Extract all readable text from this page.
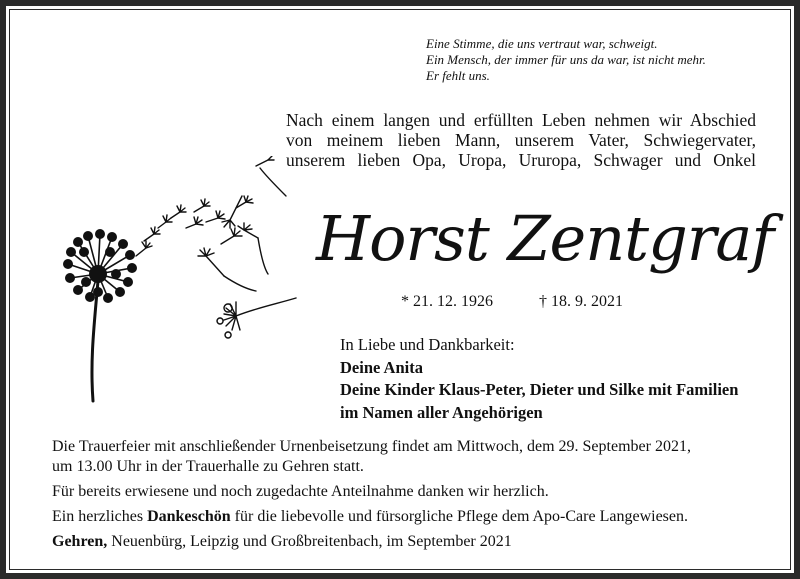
Eine Stimme, die uns vertraut war, schweigt.
Ein Mensch, der immer für uns da war, ist nicht mehr.
Er fehlt uns.
Nach einem langen und erfüllten Leben nehmen wir Abschied
von meinem lieben Mann, unserem Vater, Schwiegervater,
unserem lieben Opa, Uropa, Ururopa, Schwager und Onkel
Horst Zentgraf
* 21. 12. 1926	† 18. 9. 2021
In Liebe und Dankbarkeit:
Deine Anita
Deine Kinder Klaus-Peter, Dieter und Silke mit Familien
im Namen aller Angehörigen
Die Trauerfeier mit anschließender Urnenbeisetzung findet am Mittwoch, dem 29. September 2021,
um 13.00 Uhr in der Trauerhalle zu Gehren statt.
Für bereits erwiesene und noch zugedachte Anteilnahme danken wir herzlich.
Ein herzliches Dankeschön für die liebevolle und fürsorgliche Pflege dem Apo-Care Langewiesen.
Gehren, Neuenbürg, Leipzig und Großbreitenbach, im September 2021
